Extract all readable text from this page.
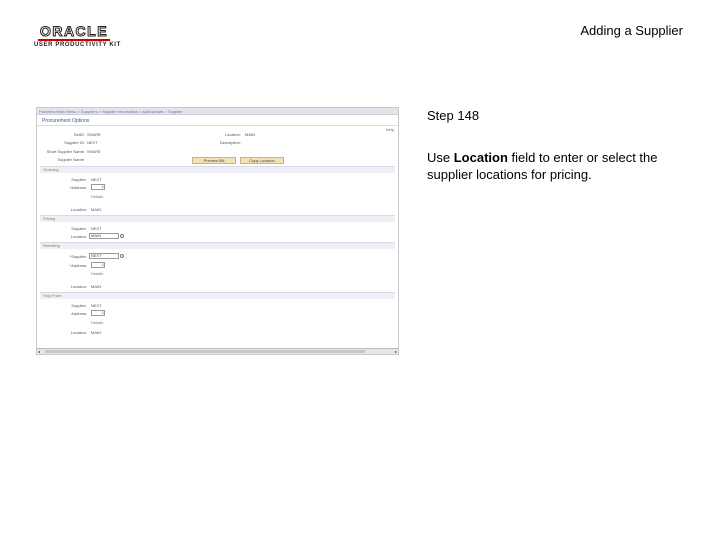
ORACLE
USER PRODUCTIVITY KIT
Adding a Supplier
Step 148
Use Location field to enter or select the supplier locations for pricing.
Favorites Main Menu > Suppliers > Supplier Information > Add/Update > Supplier
Procurement Options
Help
SetID: SHARE
Supplier ID: NEXT
Short Supplier Name: SHARE
Supplier Name:
Location: MAIN
Description:
Preview Bill	Copy Location
Ordering
Supplier: NEXT
*Address:	1
Details
Location: MAIN
Pricing
Supplier: NEXT
Location:	MAIN
Remitting
*Supplier:	NEXT
*Address:	1
Details
Location: MAIN
Ship From
Supplier: NEXT
Address:	1
Details
Location: MAIN
◂	▸
